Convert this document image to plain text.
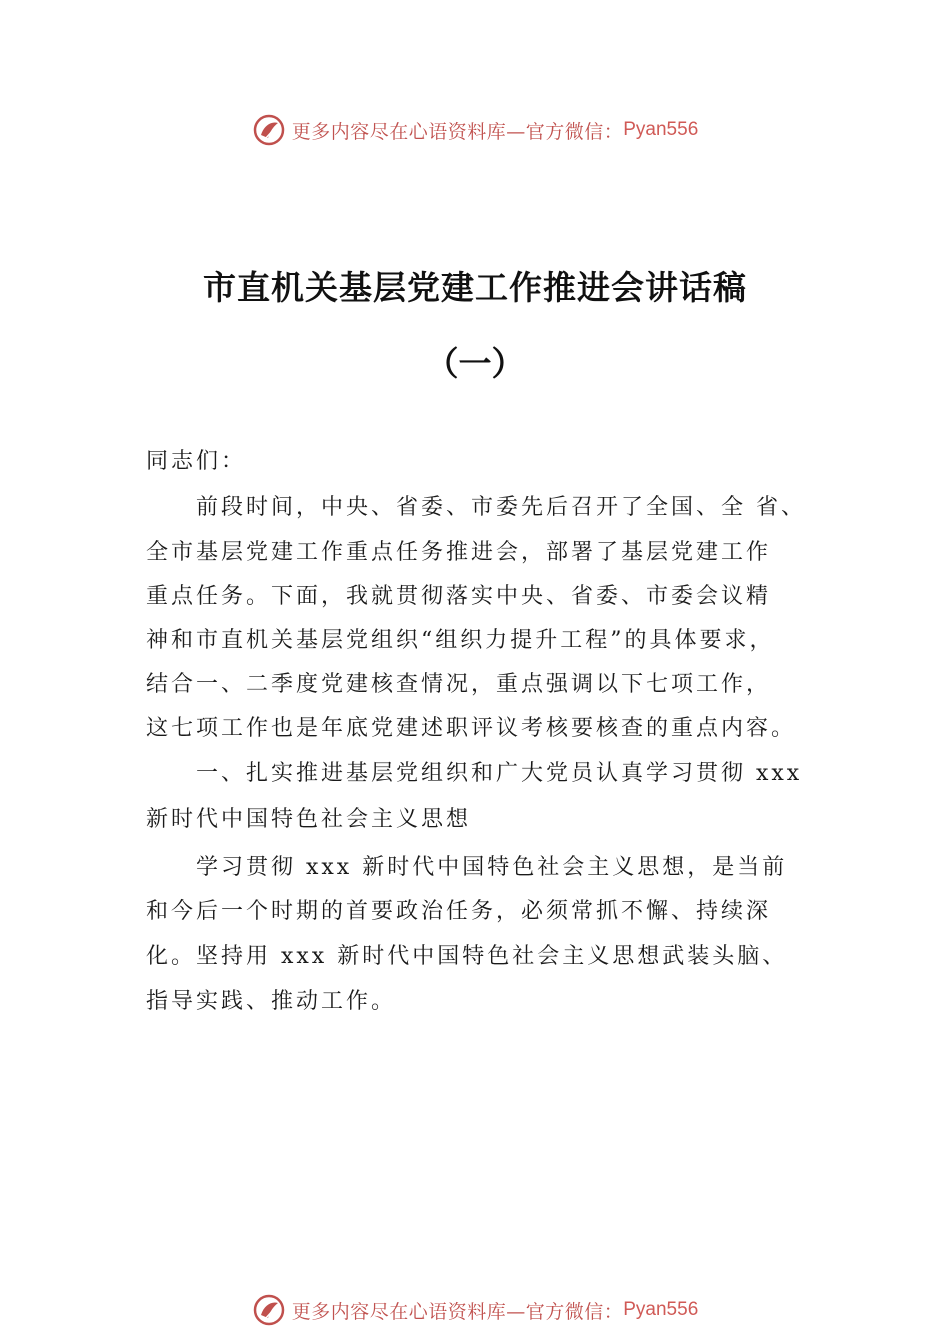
更多内容尽在心语资料库—官方微信： Pyan556
市直机关基层党建工作推进会讲话稿
（一）
同志们：
前段时间，中央、省委、市委先后召开了全国、全 省、
全市基层党建工作重点任务推进会，部署了基层党建工作
重点任务。下面，我就贯彻落实中央、省委、市委会议精
神和市直机关基层党组织“组织力提升工程”的具体要求，
结合一、二季度党建核查情况，重点强调以下七项工作，
这七项工作也是年底党建述职评议考核要核查的重点内容。
一、扎实推进基层党组织和广大党员认真学习贯彻 xxx
新时代中国特色社会主义思想
学习贯彻 xxx 新时代中国特色社会主义思想，是当前
和今后一个时期的首要政治任务，必须常抓不懈、持续深
化。坚持用 xxx 新时代中国特色社会主义思想武装头脑、
指导实践、推动工作。
更多内容尽在心语资料库—官方微信： Pyan556
